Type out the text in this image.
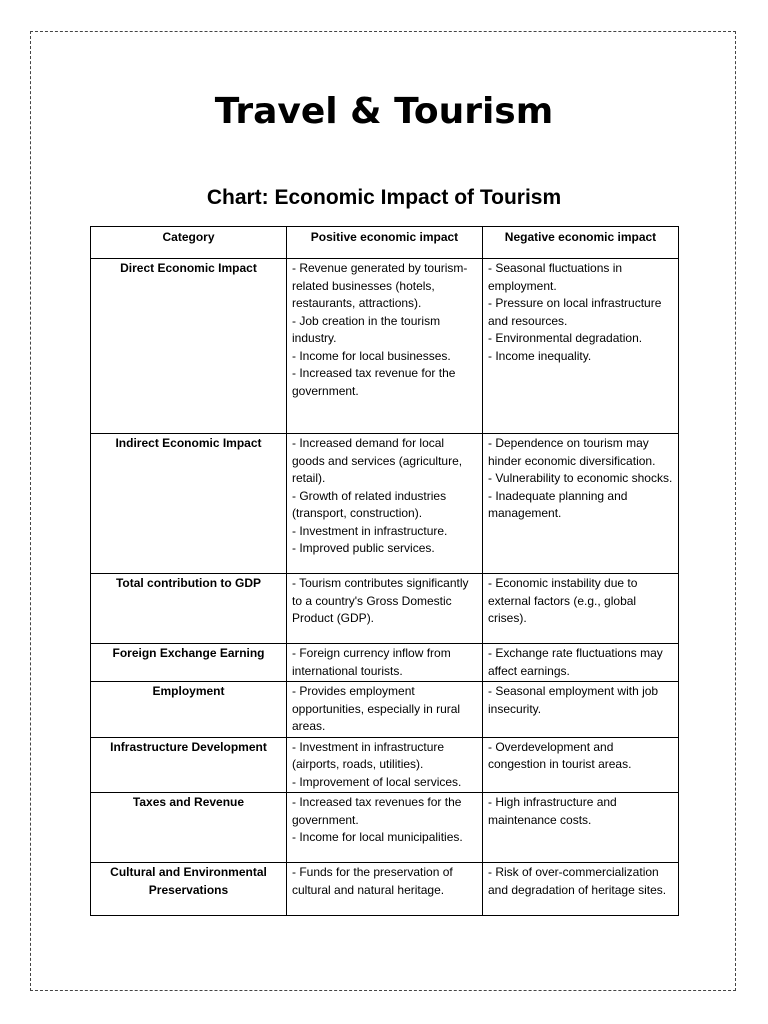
Travel & Tourism
Chart: Economic Impact of Tourism
Category	Positive economic impact	Negative economic impact
Direct Economic Impact	- Revenue generated by tourism-related businesses (hotels, restaurants, attractions).
- Job creation in the tourism industry.
- Income for local businesses.
- Increased tax revenue for the government.	- Seasonal fluctuations in employment.
- Pressure on local infrastructure and resources.
- Environmental degradation.
- Income inequality.

Indirect Economic Impact	- Increased demand for local goods and services (agriculture, retail).
- Growth of related industries (transport, construction).
- Investment in infrastructure.
- Improved public services.	- Dependence on tourism may hinder economic diversification.
- Vulnerability to economic shocks.
- Inadequate planning and management.

Total contribution to GDP	- Tourism contributes significantly to a country's Gross Domestic Product (GDP).	- Economic instability due to external factors (e.g., global crises).

Foreign Exchange Earning	- Foreign currency inflow from international tourists.	- Exchange rate fluctuations may affect earnings.

Employment	- Provides employment opportunities, especially in rural areas.	- Seasonal employment with job insecurity.

Infrastructure Development	- Investment in infrastructure (airports, roads, utilities).
- Improvement of local services.	- Overdevelopment and congestion in tourist areas.

Taxes and Revenue	- Increased tax revenues for the government.
- Income for local municipalities.	- High infrastructure and maintenance costs.

Cultural and Environmental Preservations	- Funds for the preservation of cultural and natural heritage.	- Risk of over-commercialization and degradation of heritage sites.
